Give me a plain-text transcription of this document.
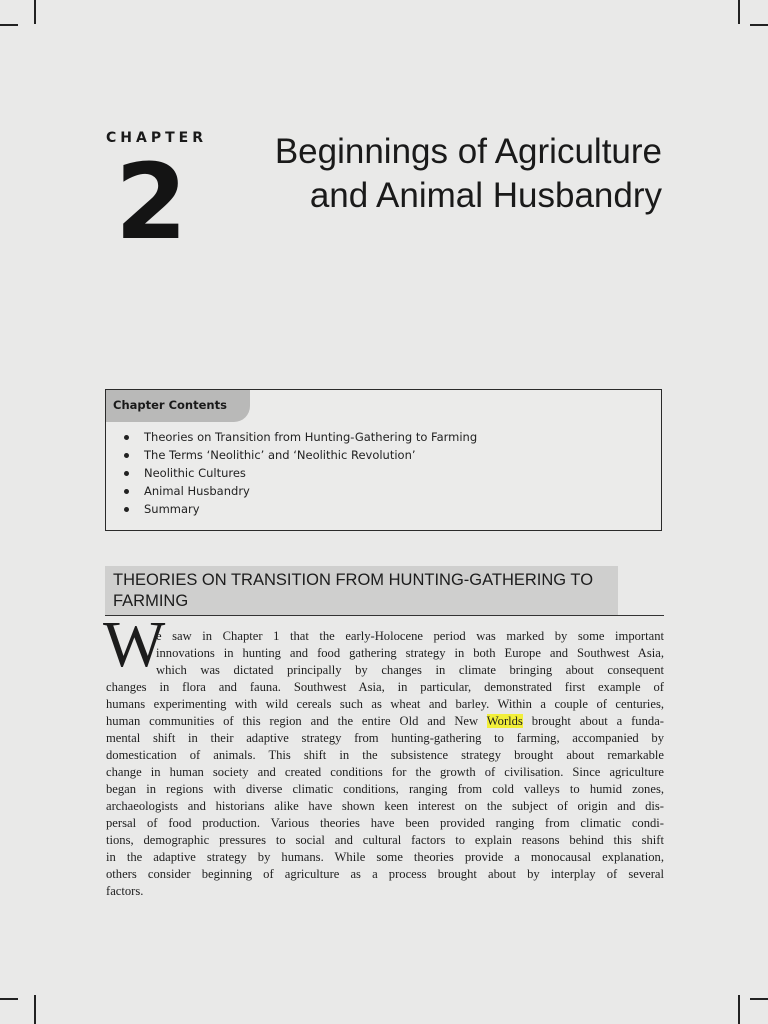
CHAPTER
2	Beginnings of Agriculture
and Animal Husbandry
Chapter Contents
Theories on Transition from Hunting-Gathering to Farming
The Terms ‘Neolithic’ and ‘Neolithic Revolution’
Neolithic Cultures
Animal Husbandry
Summary
THEORIES ON TRANSITION FROM HUNTING-GATHERING TO
FARMING
W
e saw in Chapter 1 that the early-Holocene period was marked by some important
innovations in hunting and food gathering strategy in both Europe and Southwest Asia,
which was dictated principally by changes in climate bringing about consequent
changes in flora and fauna. Southwest Asia, in particular, demonstrated first example of
humans experimenting with wild cereals such as wheat and barley. Within a couple of centuries,
human communities of this region and the entire Old and New Worlds brought about a funda-
mental shift in their adaptive strategy from hunting-gathering to farming, accompanied by
domestication of animals. This shift in the subsistence strategy brought about remarkable
change in human society and created conditions for the growth of civilisation. Since agriculture
began in regions with diverse climatic conditions, ranging from cold valleys to humid zones,
archaeologists and historians alike have shown keen interest on the subject of origin and dis-
persal of food production. Various theories have been provided ranging from climatic condi-
tions, demographic pressures to social and cultural factors to explain reasons behind this shift
in the adaptive strategy by humans. While some theories provide a monocausal explanation,
others consider beginning of agriculture as a process brought about by interplay of several
factors.
